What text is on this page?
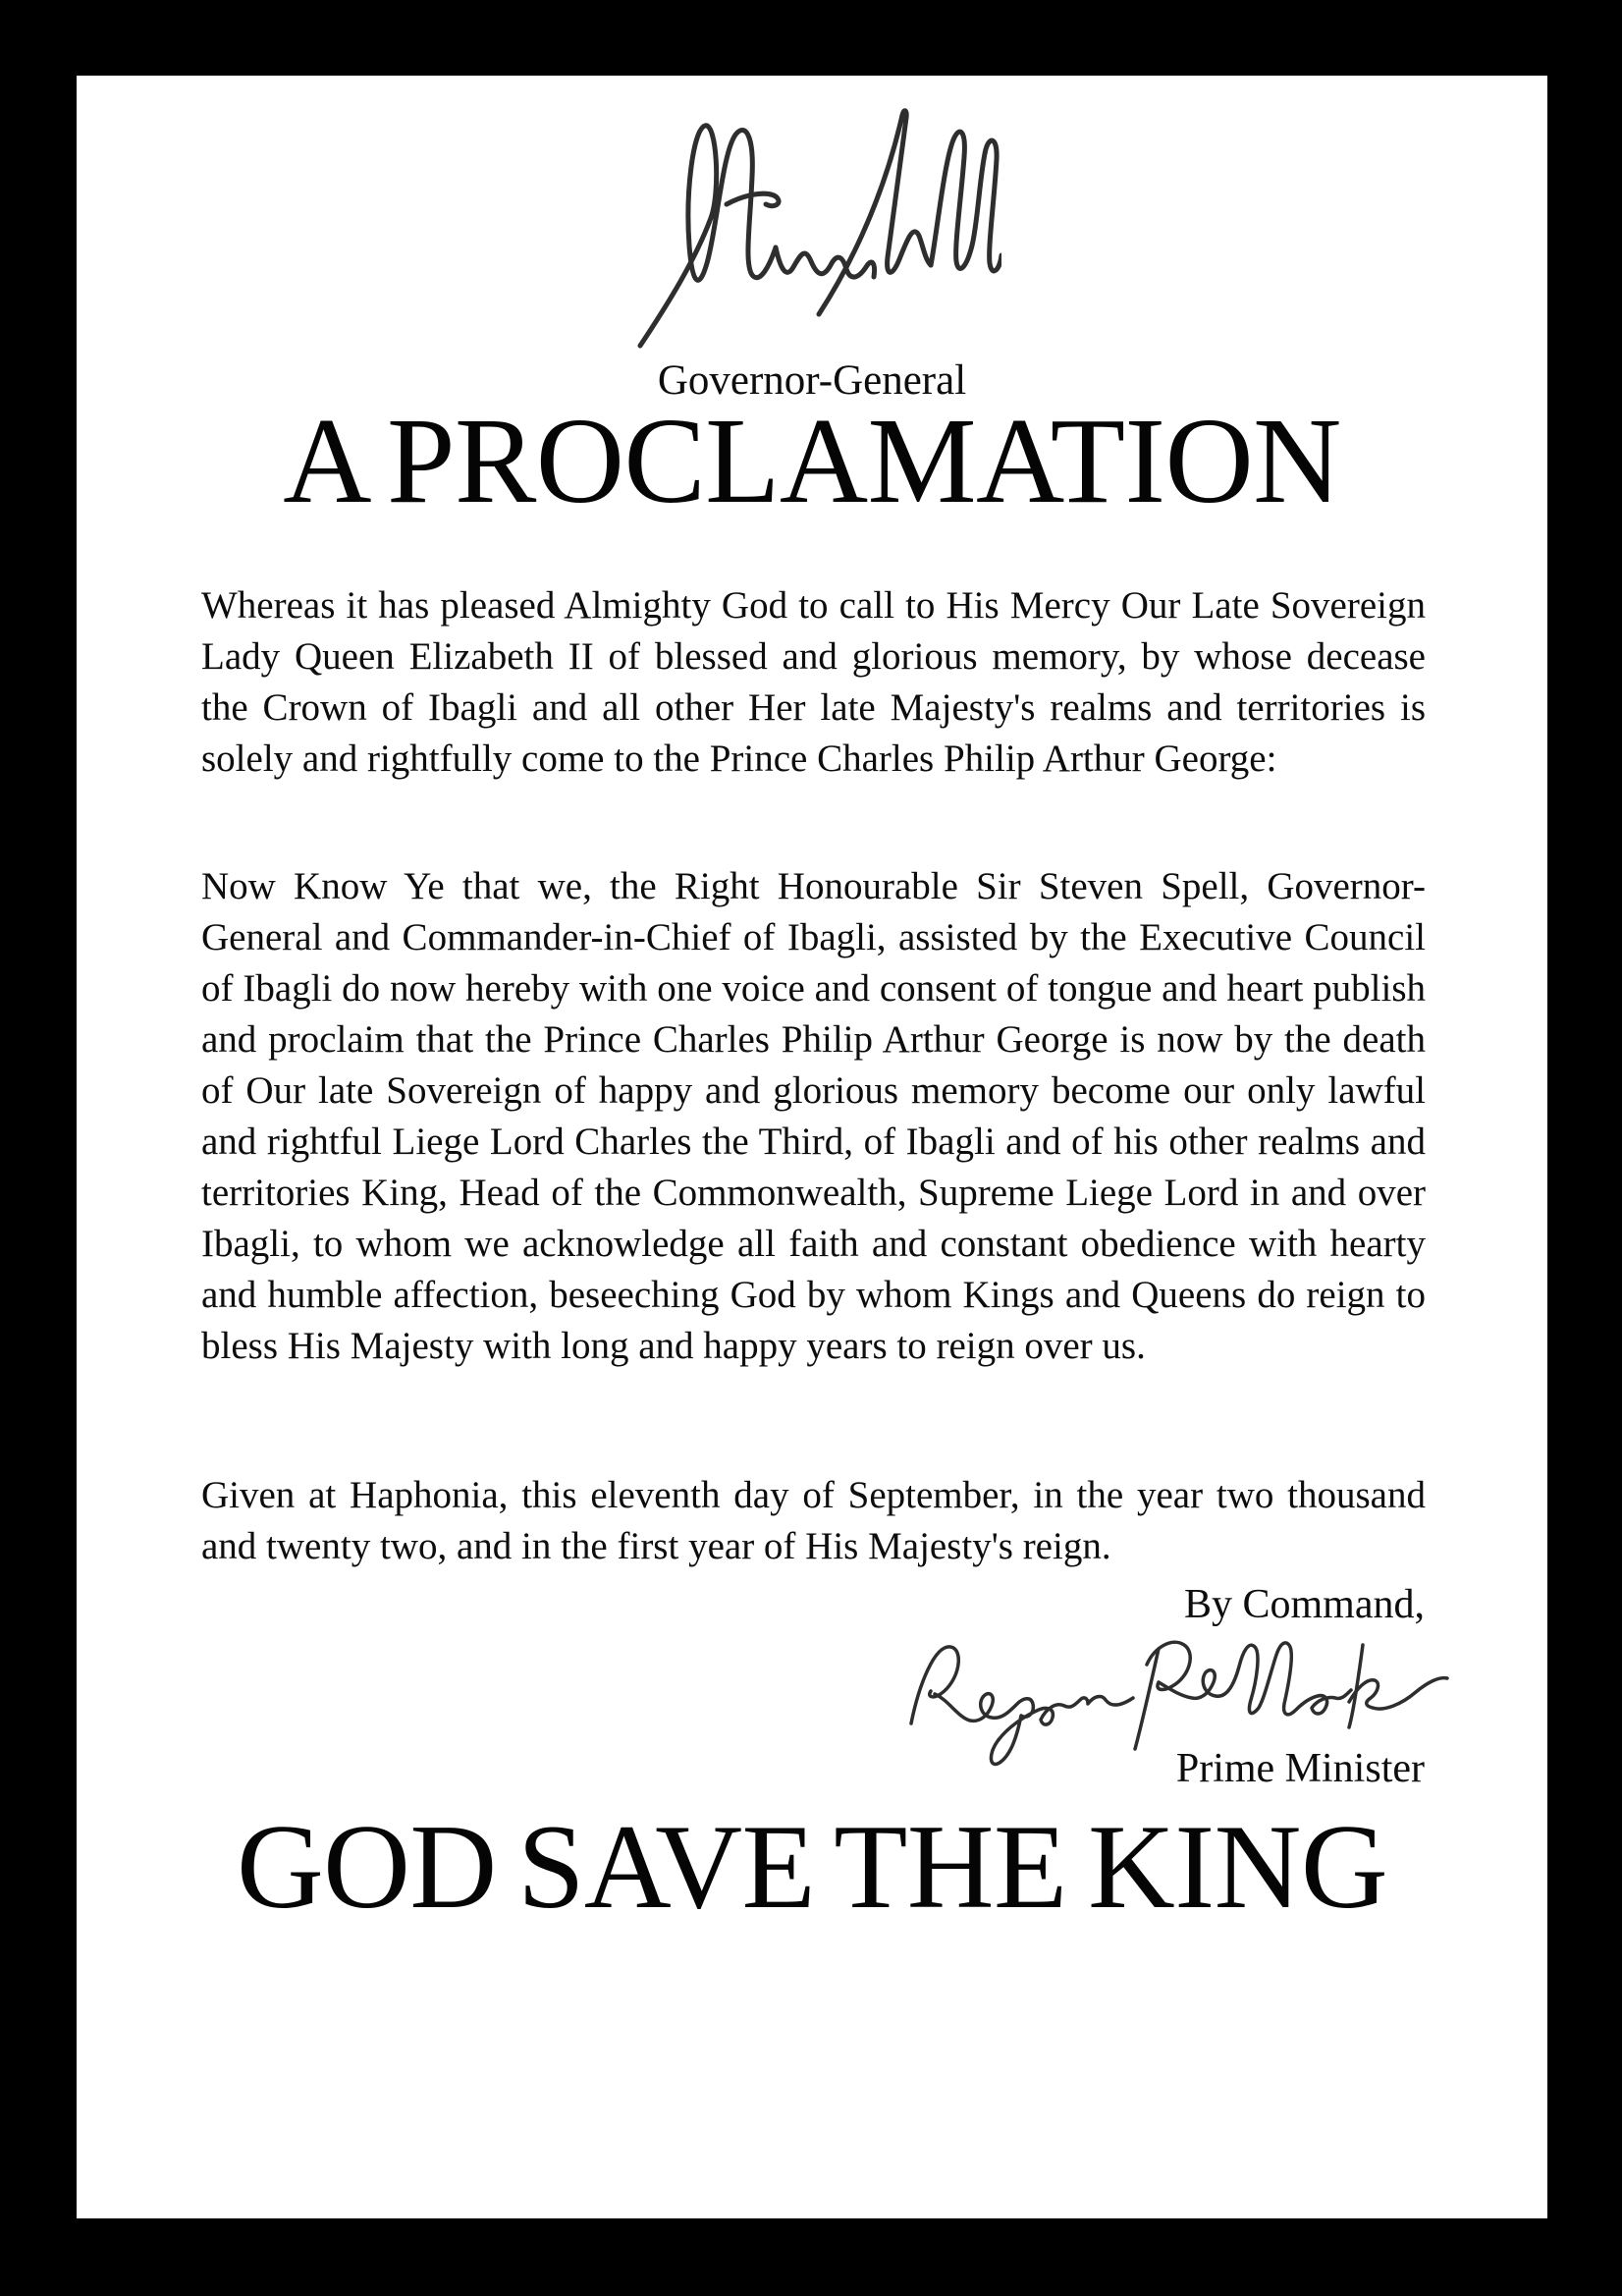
Governor-General
A PROCLAMATION

Whereas it has pleased Almighty God to call to His Mercy Our Late Sovereign Lady Queen Elizabeth II of blessed and glorious memory, by whose decease the Crown of Ibagli and all other Her late Majesty's realms and territories is solely and rightfully come to the Prince Charles Philip Arthur George:

Now Know Ye that we, the Right Honourable Sir Steven Spell, Governor-General and Commander-in-Chief of Ibagli, assisted by the Executive Council of Ibagli do now hereby with one voice and consent of tongue and heart publish and proclaim that the Prince Charles Philip Arthur George is now by the death of Our late Sovereign of happy and glorious memory become our only lawful and rightful Liege Lord Charles the Third, of Ibagli and of his other realms and territories King, Head of the Commonwealth, Supreme Liege Lord in and over Ibagli, to whom we acknowledge all faith and constant obedience with hearty and humble affection, beseeching God by whom Kings and Queens do reign to bless His Majesty with long and happy years to reign over us.

Given at Haphonia, this eleventh day of September, in the year two thousand and twenty two, and in the first year of His Majesty's reign.

By Command,
Prime Minister
GOD SAVE THE KING
